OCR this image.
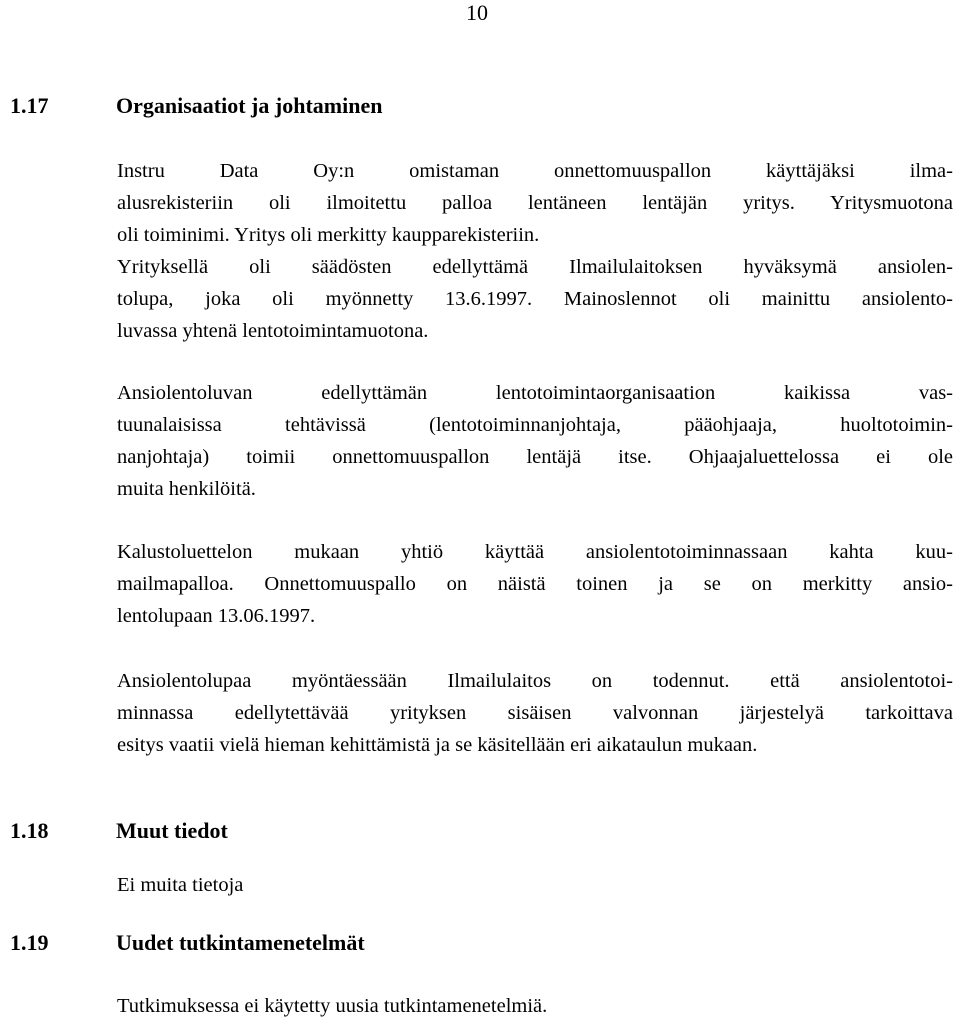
10
1.17	Organisaatiot ja johtaminen
Instru Data Oy:n omistaman onnettomuuspallon käyttäjäksi ilma-
alusrekisteriin oli ilmoitettu palloa lentäneen lentäjän yritys. Yritysmuotona
oli toiminimi. Yritys oli merkitty kaupparekisteriin.
Yrityksellä oli säädösten edellyttämä Ilmailulaitoksen hyväksymä ansiolen-
tolupa, joka oli myönnetty 13.6.1997. Mainoslennot oli mainittu ansiolento-
luvassa yhtenä lentotoimintamuotona.
Ansiolentoluvan edellyttämän lentotoimintaorganisaation kaikissa vas-
tuunalaisissa tehtävissä (lentotoiminnanjohtaja, pääohjaaja, huoltotoimin-
nanjohtaja) toimii onnettomuuspallon lentäjä itse. Ohjaajaluettelossa ei ole
muita henkilöitä.
Kalustoluettelon mukaan yhtiö käyttää ansiolentotoiminnassaan kahta kuu-
mailmapalloa. Onnettomuuspallo on näistä toinen ja se on merkitty ansio-
lentolupaan 13.06.1997.
Ansiolentolupaa myöntäessään Ilmailulaitos on todennut. että ansiolentotoi-
minnassa edellytettävää yrityksen sisäisen valvonnan järjestelyä tarkoittava
esitys vaatii vielä hieman kehittämistä ja se käsitellään eri aikataulun mukaan.
1.18	Muut tiedot
Ei muita tietoja
1.19	Uudet tutkintamenetelmät
Tutkimuksessa ei käytetty uusia tutkintamenetelmiä.
